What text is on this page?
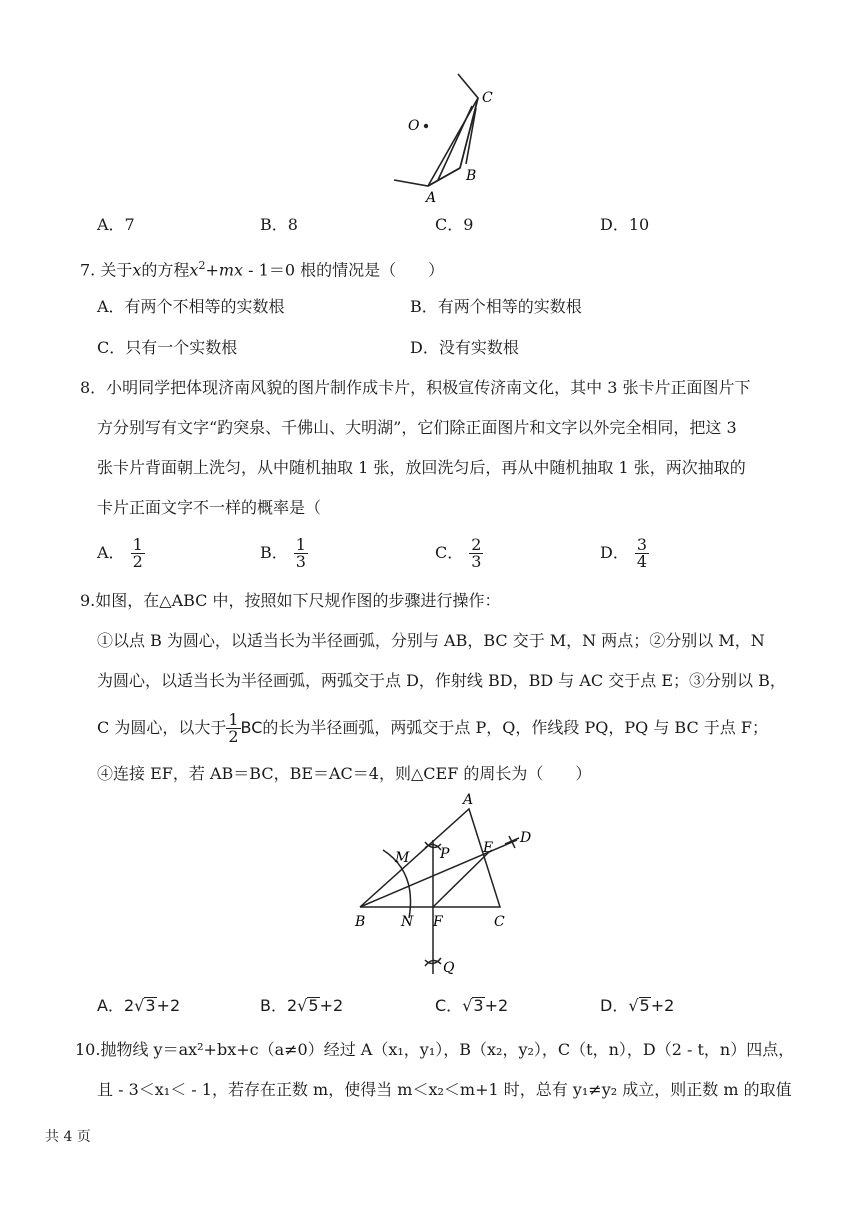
O
C
B
A
A．7	B．8	C．9	D．10
7. 关于x的方程$x^2+mx - 1=0$ 根的情况是（　　）
A．有两个不相等的实数根	B．有两个相等的实数根
C．只有一个实数根	D．没有实数根
8．小明同学把体现济南风貌的图片制作成卡片，积极宣传济南文化，其中 3 张卡片正面图片下
方分别写有文字“趵突泉、千佛山、大明湖”，它们除正面图片和文字以外完全相同，把这 3
张卡片背面朝上洗匀，从中随机抽取 1 张，放回洗匀后，再从中随机抽取 1 张，两次抽取的
卡片正面文字不一样的概率是（
A． $\frac{1}{2}$	B． $\frac{1}{3}$	C． $\frac{2}{3}$	D． $\frac{3}{4}$
9.如图，在△ABC 中，按照如下尺规作图的步骤进行操作：
①以点 B 为圆心，以适当长为半径画弧，分别与 AB，BC 交于 M，N 两点；②分别以 M，N
为圆心，以适当长为半径画弧，两弧交于点 D，作射线 BD，BD 与 AC 交于点 E；③分别以 B，
C 为圆心，以大于 $\frac{1}{2}$ BC的长为半径画弧，两弧交于点 P，Q，作线段 PQ，PQ 与 BC 于点 F；
④连接 EF，若 AB＝BC，BE＝AC＝4，则△CEF 的周长为（　　）
A
D
M P E
B	N F	C
Q
A．2√3+2	B．2√5+2	C．√3+2	D．√5+2
10.抛物线 y＝ax²+bx+c（a≠0）经过 A（x₁，y₁），B（x₂，y₂），C（t，n），D（2 - t，n）四点，
且 - 3＜x₁＜ - 1，若存在正数 m，使得当 m＜x₂＜m+1 时，总有 y₁≠y₂ 成立，则正数 m 的取值
共 4 页
